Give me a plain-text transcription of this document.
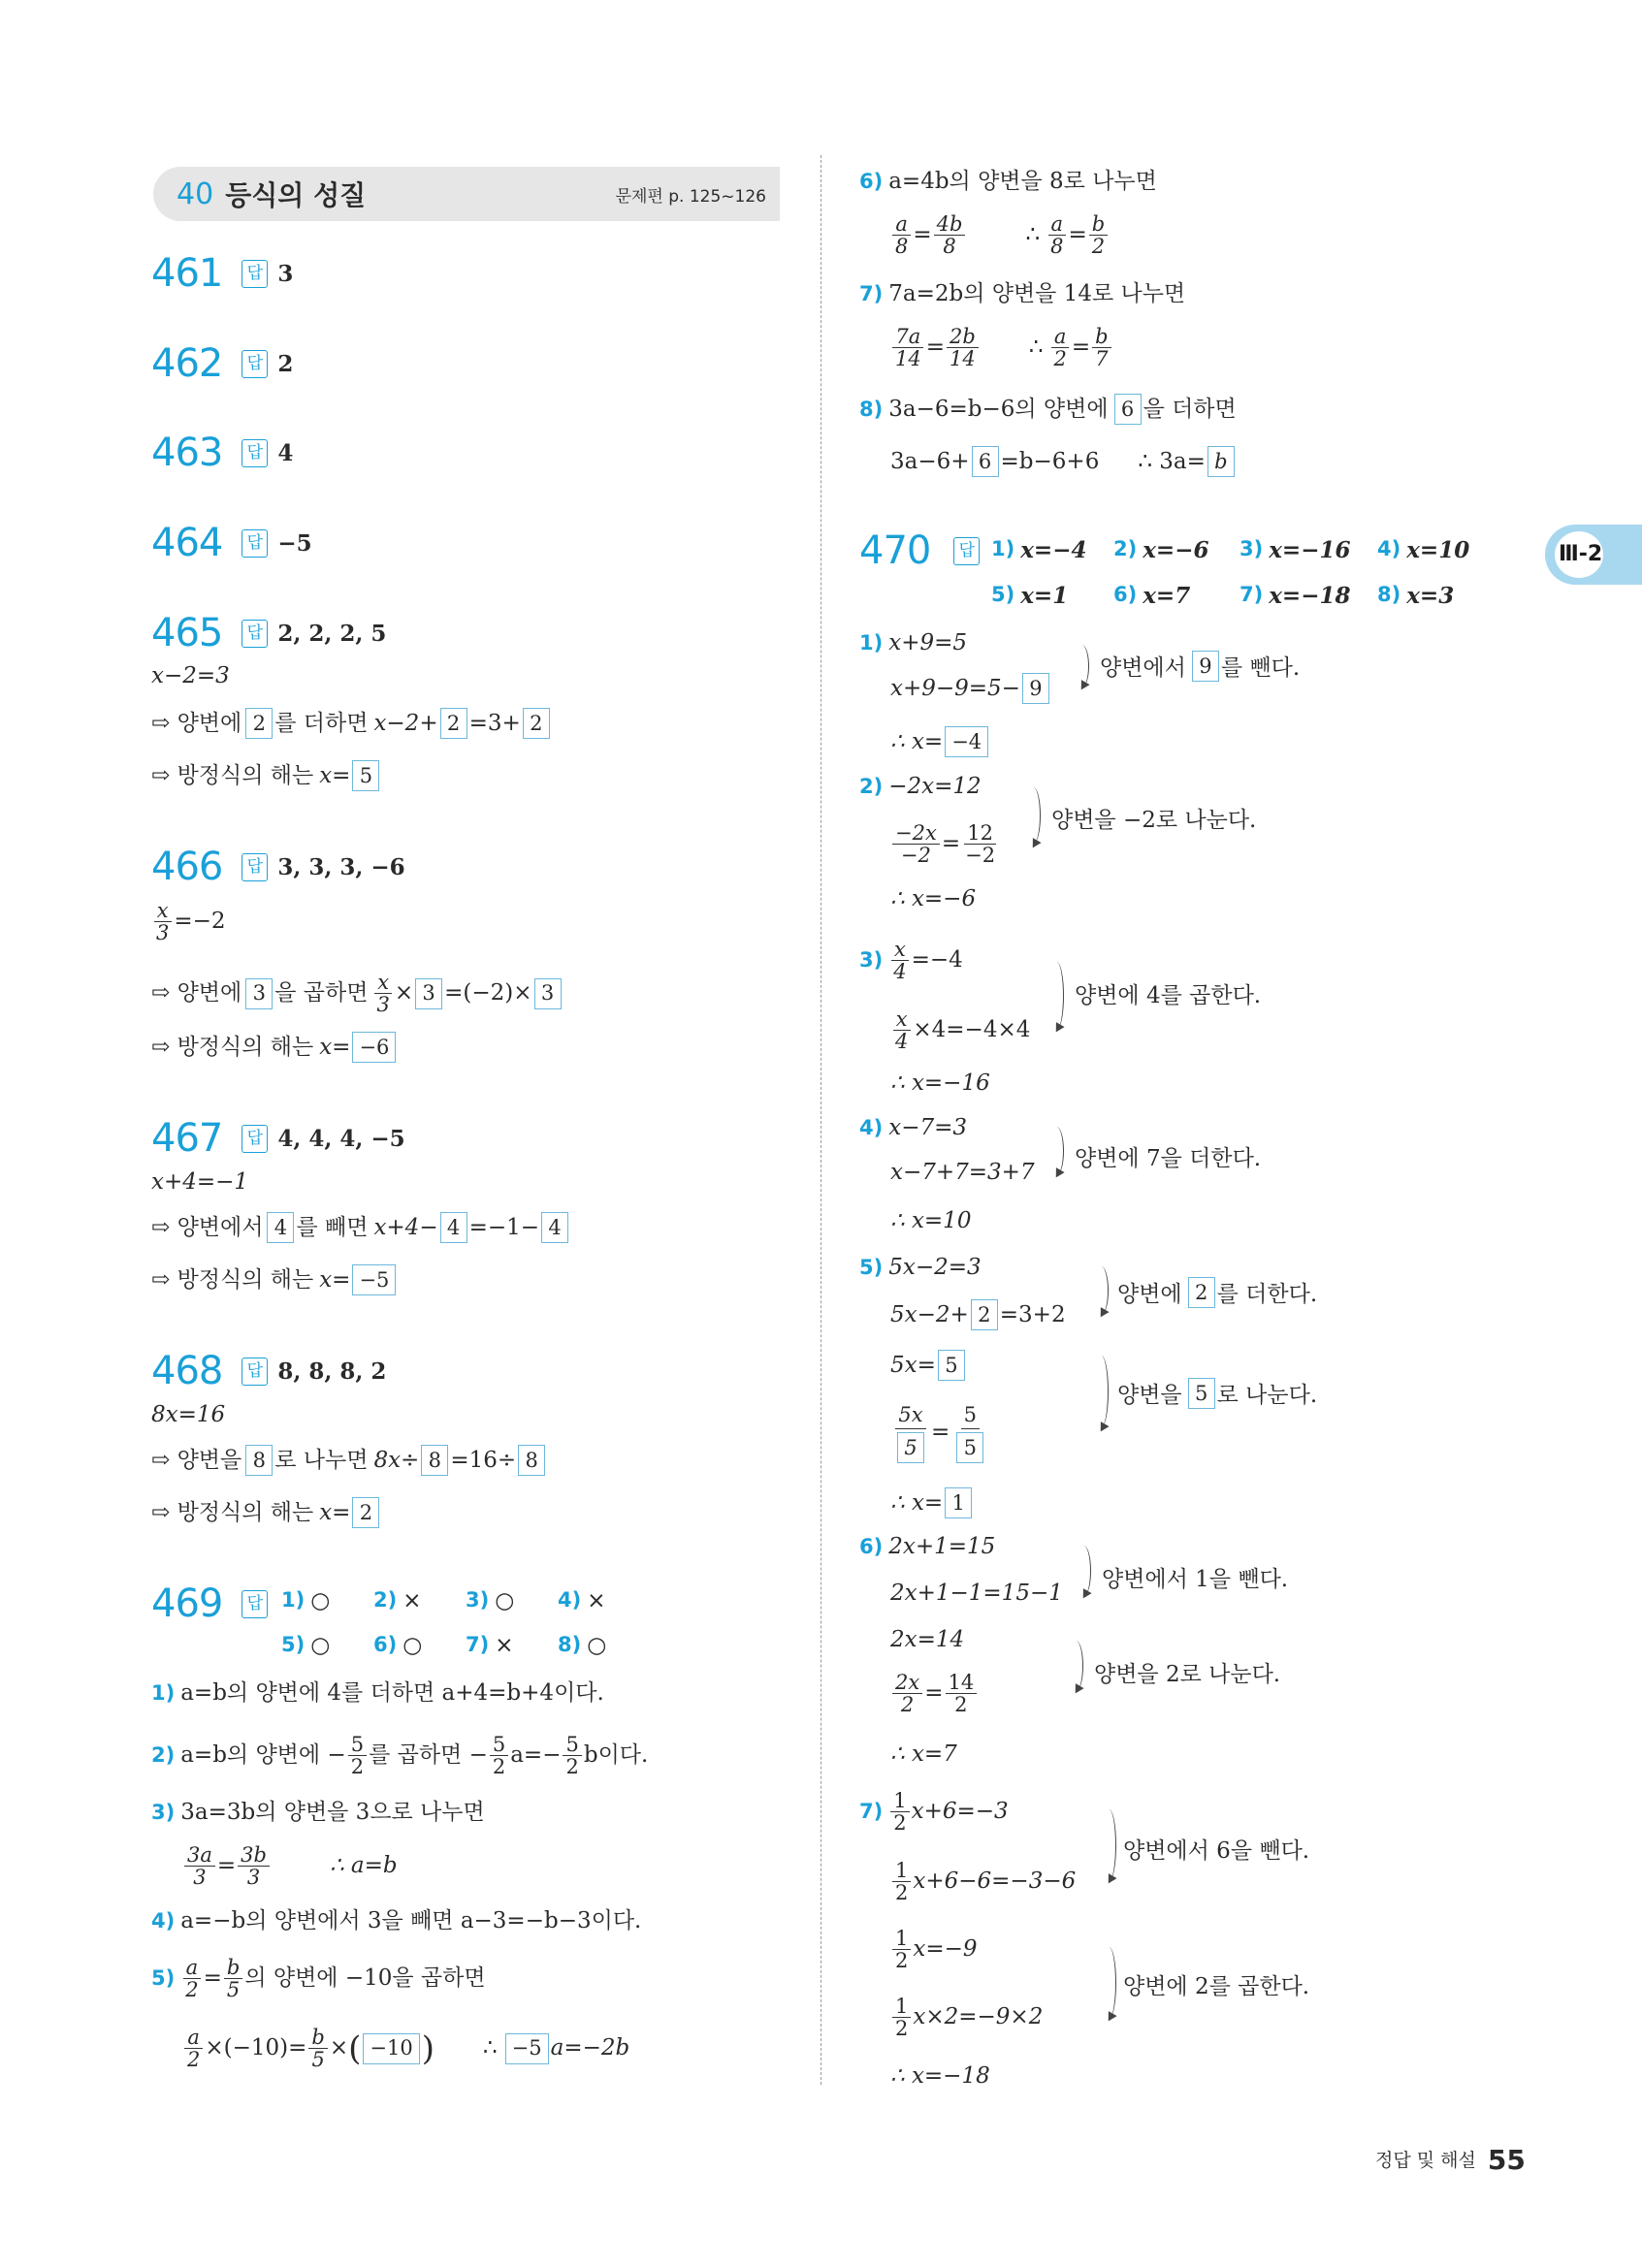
40 등식의 성질	문제편 p. 125~126
Ⅲ-2
461	답 3
462	답 2
463	답 4
464	답 −5
465	답 2, 2, 2, 5
x−2=3
⇨ 양변에 2 를 더하면 x−2+ 2 =3+ 2
⇨ 방정식의 해는 x= 5
466	답 3, 3, 3, −6
$\frac{x}{3} =-2$
⇨ 양변에 3 을 곱하면 $\frac{x}{3} \times 3 =(-2)\times 3$
⇨ 방정식의 해는 x= −6
467	답 4, 4, 4, −5
x+4=−1
⇨ 양변에서 4 를 빼면 x+4− 4 =−1− 4
⇨ 방정식의 해는 x= −5
468	답 8, 8, 8, 2
8x=16
⇨ 양변을 8 로 나누면 8x÷ 8 =16÷ 8
⇨ 방정식의 해는 x= 2
469	답 1) ○ 2) × 3) ○ 4) ×
5) ○ 6) ○ 7) × 8) ○
1) a=b의 양변에 4를 더하면 a+4=b+4이다.
2) a=b의 양변에 − $\frac{5}{2}$ 를 곱하면 − $\frac{5}{2} a=- \frac{5}{2}$ b이다.
3) 3a=3b의 양변을 3으로 나누면
$\frac{3a}{3} = \frac{3b}{3}$	∴ a=b
4) a=−b의 양변에서 3을 빼면 a−3=−b−3이다.
$5) \frac{a}{2} = \frac{b}{5}$ 의 양변에 −10을 곱하면
$\frac{a}{2} \times(-10)= \frac{b}{5}$ × ( −10 ) ∴ −5 a=−2b
6) a=4b의 양변을 8로 나누면
$\frac{a}{8} = \frac{4b}{8}$	∴ $\frac{a}{8} = \frac{b}{2}$
7) 7a=2b의 양변을 14로 나누면
$\frac{7a}{14} = \frac{2b}{14}$ ∴ $\frac{a}{2} = \frac{b}{7}$
8) 3a−6=b−6의 양변에 6 을 더하면
3a−6+ 6 =b−6+6 ∴ 3a= b
470	답 1) x=−4 2) x=−6 3) x=−16 4) x=10
5) x=1 6) x=7 7) x=−18 8) x=3
1) x+9=5
x+9−9=5− 9
양변에서 9 를 뺀다.
∴ x= −4
2) −2x=12
$\frac{-2x}{-2} = \frac{12}{-2}$
양변을 −2로 나눈다.
∴ x=−6
$3) \frac{x}{4} =-4$
$\frac{x}{4} \times 4=-4\times 4$
양변에 4를 곱한다.
∴ x=−16
4) x−7=3
x−7+7=3+7
양변에 7을 더한다.
∴ x=10
5) 5x−2=3
5x−2+ 2 =3+2
양변에 2 를 더한다.
5x= 5
$\frac{5x}{5} = \frac{5}{5}$
양변을 5 로 나눈다.
∴ x= 1
6) 2x+1=15
2x+1−1=15−1
양변에서 1을 뺀다.
2x=14
$\frac{2x}{2} = \frac{14}{2}$	양변을 2로 나눈다.
∴ x=7
$7) \frac{1}{2} x+6=-3$
$\frac{1}{2} x+6-6=-3-6$
양변에서 6을 뺀다.
$\frac{1}{2} x=-9$
$\frac{1}{2} x\times 2=-9\times 2$
양변에 2를 곱한다.
∴ x=−18
정답 및 해설 55
